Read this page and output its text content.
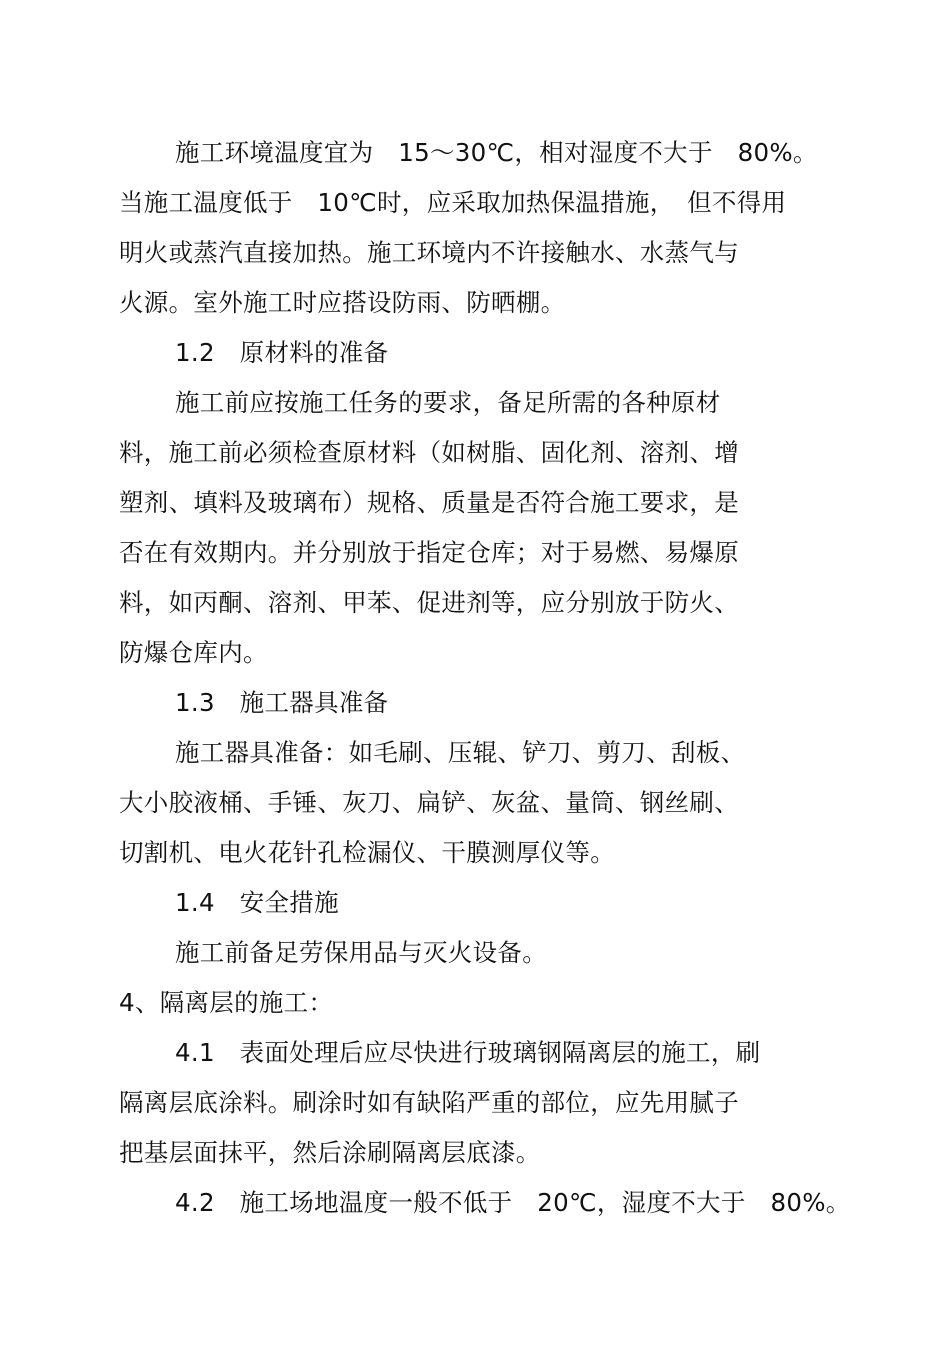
施工环境温度宜为　15～30℃，相对湿度不大于　80%。
当施工温度低于　10℃时，应采取加热保温措施，　但不得用
明火或蒸汽直接加热。施工环境内不许接触水、水蒸气与
火源。室外施工时应搭设防雨、防晒棚。
1.2　原材料的准备
施工前应按施工任务的要求，备足所需的各种原材
料，施工前必须检查原材料（如树脂、固化剂、溶剂、增
塑剂、填料及玻璃布）规格、质量是否符合施工要求，是
否在有效期内。并分别放于指定仓库；对于易燃、易爆原
料，如丙酮、溶剂、甲苯、促进剂等，应分别放于防火、
防爆仓库内。
1.3　施工器具准备
施工器具准备：如毛刷、压辊、铲刀、剪刀、刮板、
大小胶液桶、手锤、灰刀、扁铲、灰盆、量筒、钢丝刷、
切割机、电火花针孔检漏仪、干膜测厚仪等。
1.4　安全措施
施工前备足劳保用品与灭火设备。
4、隔离层的施工：
4.1　表面处理后应尽快进行玻璃钢隔离层的施工，刷
隔离层底涂料。刷涂时如有缺陷严重的部位，应先用腻子
把基层面抹平，然后涂刷隔离层底漆。
4.2　施工场地温度一般不低于　20℃，湿度不大于　80%。
